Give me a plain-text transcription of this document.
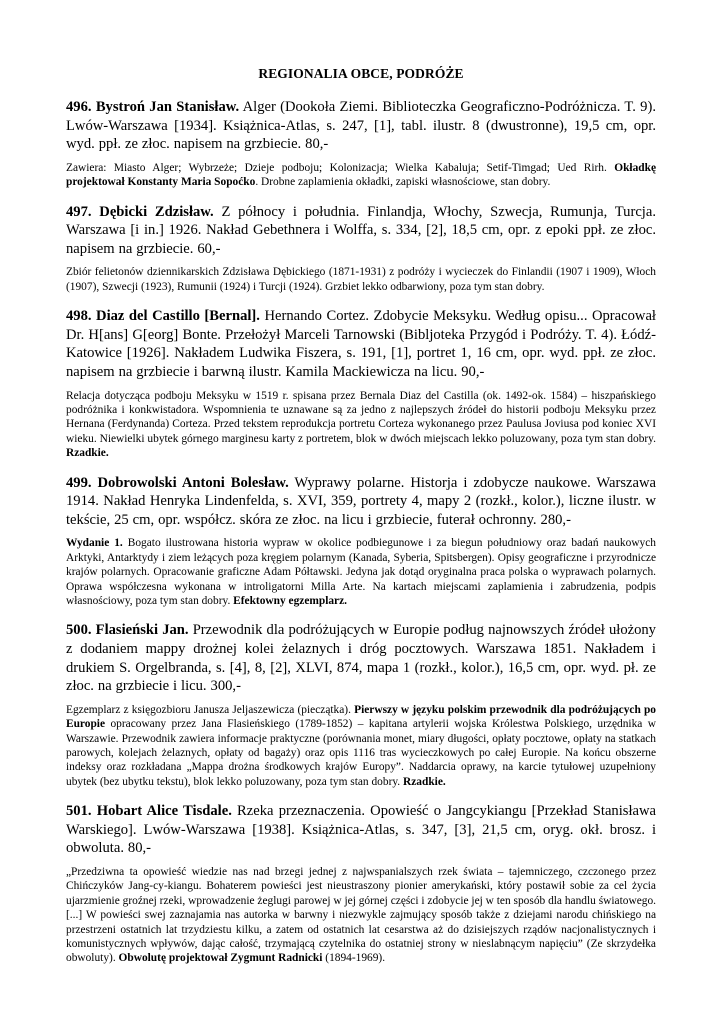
REGIONALIA OBCE, PODRÓŻE

496. Bystroń Jan Stanisław. Alger (Dookoła Ziemi. Biblioteczka Geograficzno-Podróżnicza. T. 9). Lwów-Warszawa [1934]. Książnica-Atlas, s. 247, [1], tabl. ilustr. 8 (dwustronne), 19,5 cm, opr. wyd. ppł. ze złoc. napisem na grzbiecie. 80,-

Zawiera: Miasto Alger; Wybrzeże; Dzieje podboju; Kolonizacja; Wielka Kabaluja; Setif-Timgad; Ued Rirh. Okładkę projektował Konstanty Maria Sopoćko. Drobne zaplamienia okładki, zapiski własnościowe, stan dobry.

497. Dębicki Zdzisław. Z północy i południa. Finlandja, Włochy, Szwecja, Rumunja, Turcja. Warszawa [i in.] 1926. Nakład Gebethnera i Wolffa, s. 334, [2], 18,5 cm, opr. z epoki ppł. ze złoc. napisem na grzbiecie. 60,-

Zbiór felietonów dziennikarskich Zdzisława Dębickiego (1871-1931) z podróży i wycieczek do Finlandii (1907 i 1909), Włoch (1907), Szwecji (1923), Rumunii (1924) i Turcji (1924). Grzbiet lekko odbarwiony, poza tym stan dobry.

498. Diaz del Castillo [Bernal]. Hernando Cortez. Zdobycie Meksyku. Według opisu... Opracował Dr. H[ans] G[eorg] Bonte. Przełożył Marceli Tarnowski (Bibljoteka Przygód i Podróży. T. 4). Łódź-Katowice [1926]. Nakładem Ludwika Fiszera, s. 191, [1], portret 1, 16 cm, opr. wyd. ppł. ze złoc. napisem na grzbiecie i barwną ilustr. Kamila Mackiewicza na licu. 90,-

Relacja dotycząca podboju Meksyku w 1519 r. spisana przez Bernala Diaz del Castilla (ok. 1492-ok. 1584) – hiszpańskiego podróżnika i konkwistadora. Wspomnienia te uznawane są za jedno z najlepszych źródeł do historii podboju Meksyku przez Hernana (Ferdynanda) Corteza. Przed tekstem reprodukcja portretu Corteza wykonanego przez Paulusa Joviusa pod koniec XVI wieku. Niewielki ubytek górnego marginesu karty z portretem, blok w dwóch miejscach lekko poluzowany, poza tym stan dobry. Rzadkie.

499. Dobrowolski Antoni Bolesław. Wyprawy polarne. Historja i zdobycze naukowe. Warszawa 1914. Nakład Henryka Lindenfelda, s. XVI, 359, portrety 4, mapy 2 (rozkł., kolor.), liczne ilustr. w tekście, 25 cm, opr. współcz. skóra ze złoc. na licu i grzbiecie, futerał ochronny. 280,-

Wydanie 1. Bogato ilustrowana historia wypraw w okolice podbiegunowe i za biegun południowy oraz badań naukowych Arktyki, Antarktydy i ziem leżących poza kręgiem polarnym (Kanada, Syberia, Spitsbergen). Opisy geograficzne i przyrodnicze krajów polarnych. Opracowanie graficzne Adam Półtawski. Jedyna jak dotąd oryginalna praca polska o wyprawach polarnych. Oprawa współczesna wykonana w introligatorni Milla Arte. Na kartach miejscami zaplamienia i zabrudzenia, podpis własnościowy, poza tym stan dobry. Efektowny egzemplarz.

500. Flasieński Jan. Przewodnik dla podróżujących w Europie podług najnowszych źródeł ułożony z dodaniem mappy drożnej kolei żelaznych i dróg pocztowych. Warszawa 1851. Nakładem i drukiem S. Orgelbranda, s. [4], 8, [2], XLVI, 874, mapa 1 (rozkł., kolor.), 16,5 cm, opr. wyd. pł. ze złoc. na grzbiecie i licu. 300,-

Egzemplarz z księgozbioru Janusza Jeljaszewicza (pieczątka). Pierwszy w języku polskim przewodnik dla podróżujących po Europie opracowany przez Jana Flasieńskiego (1789-1852) – kapitana artylerii wojska Królestwa Polskiego, urzędnika w Warszawie. Przewodnik zawiera informacje praktyczne (porównania monet, miary długości, opłaty pocztowe, opłaty na statkach parowych, kolejach żelaznych, opłaty od bagaży) oraz opis 1116 tras wycieczkowych po całej Europie. Na końcu obszerne indeksy oraz rozkładana „Mappa drożna środkowych krajów Europy”. Naddarcia oprawy, na karcie tytułowej uzupełniony ubytek (bez ubytku tekstu), blok lekko poluzowany, poza tym stan dobry. Rzadkie.

501. Hobart Alice Tisdale. Rzeka przeznaczenia. Opowieść o Jangcykiangu [Przekład Stanisława Warskiego]. Lwów-Warszawa [1938]. Książnica-Atlas, s. 347, [3], 21,5 cm, oryg. okł. brosz. i obwoluta. 80,-

„Przedziwna ta opowieść wiedzie nas nad brzegi jednej z najwspanialszych rzek świata – tajemniczego, czczonego przez Chińczyków Jang-cy-kiangu. Bohaterem powieści jest nieustraszony pionier amerykański, który postawił sobie za cel życia ujarzmienie groźnej rzeki, wprowadzenie żeglugi parowej w jej górnej części i zdobycie jej w ten sposób dla handlu światowego. [...] W powieści swej zaznajamia nas autorka w barwny i niezwykle zajmujący sposób także z dziejami narodu chińskiego na przestrzeni ostatnich lat trzydziestu kilku, a zatem od ostatnich lat cesarstwa aż do dzisiejszych rządów nacjonalistycznych i komunistycznych wpływów, dając całość, trzymającą czytelnika do ostatniej strony w nieslabnącym napięciu” (Ze skrzydełka obwoluty). Obwolutę projektował Zygmunt Radnicki (1894-1969).
